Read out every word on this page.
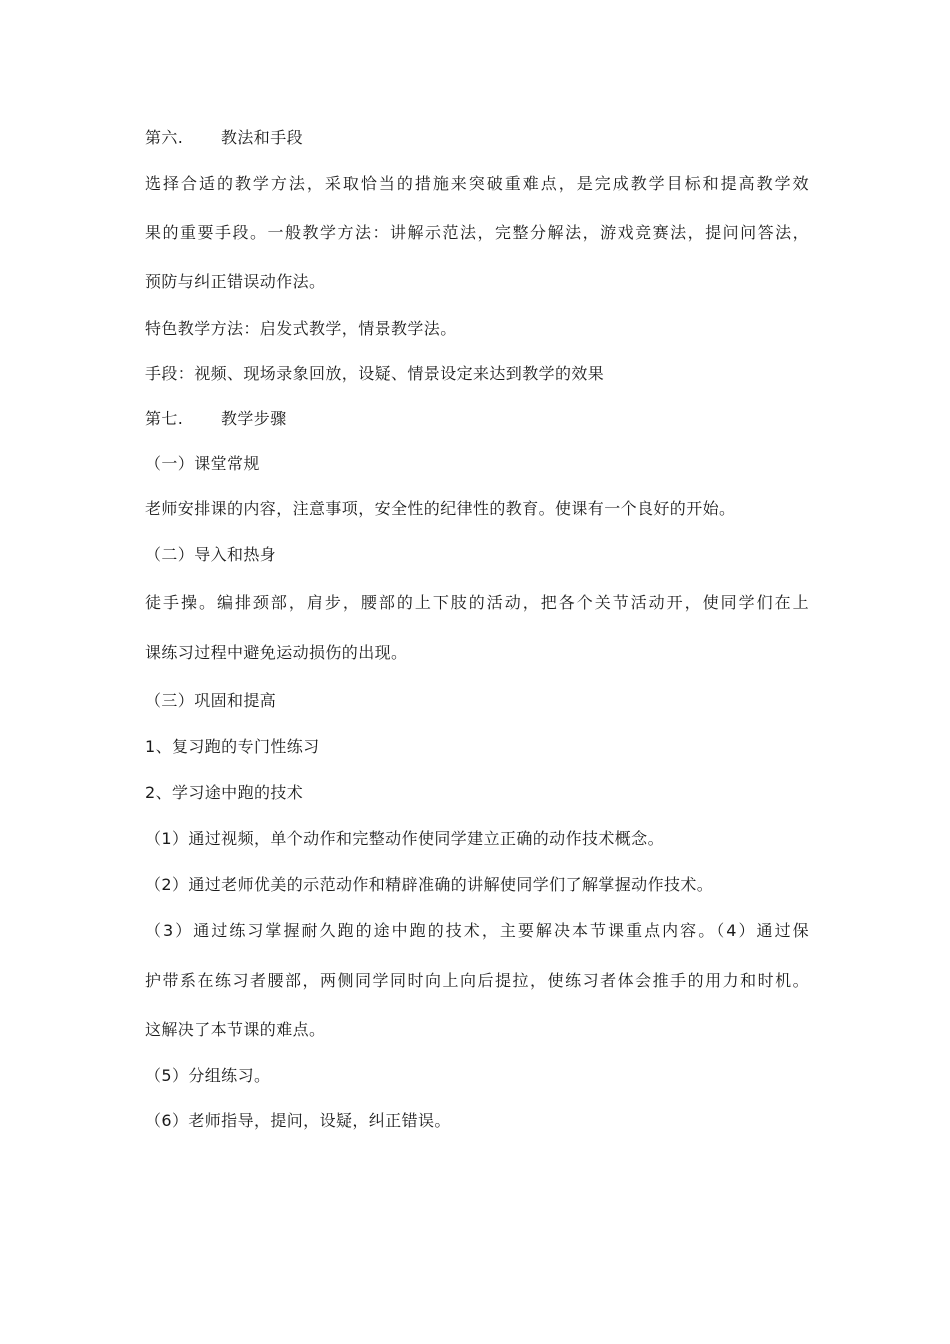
第六. 教法和手段
选择合适的教学方法，采取恰当的措施来突破重难点，是完成教学目标和提高教学效
果的重要手段。一般教学方法：讲解示范法，完整分解法，游戏竞赛法，提问问答法，
预防与纠正错误动作法。
特色教学方法：启发式教学，情景教学法。
手段：视频、现场录象回放，设疑、情景设定来达到教学的效果
第七. 教学步骤
（一）课堂常规
老师安排课的内容，注意事项，安全性的纪律性的教育。使课有一个良好的开始。
（二）导入和热身
徒手操。编排颈部，肩步，腰部的上下肢的活动，把各个关节活动开，使同学们在上
课练习过程中避免运动损伤的出现。
（三）巩固和提高
1、复习跑的专门性练习
2、学习途中跑的技术
（1）通过视频，单个动作和完整动作使同学建立正确的动作技术概念。
（2）通过老师优美的示范动作和精辟准确的讲解使同学们了解掌握动作技术。
（3）通过练习掌握耐久跑的途中跑的技术，主要解决本节课重点内容。（4）通过保
护带系在练习者腰部，两侧同学同时向上向后提拉，使练习者体会推手的用力和时机。
这解决了本节课的难点。
（5）分组练习。
（6）老师指导，提问，设疑，纠正错误。
